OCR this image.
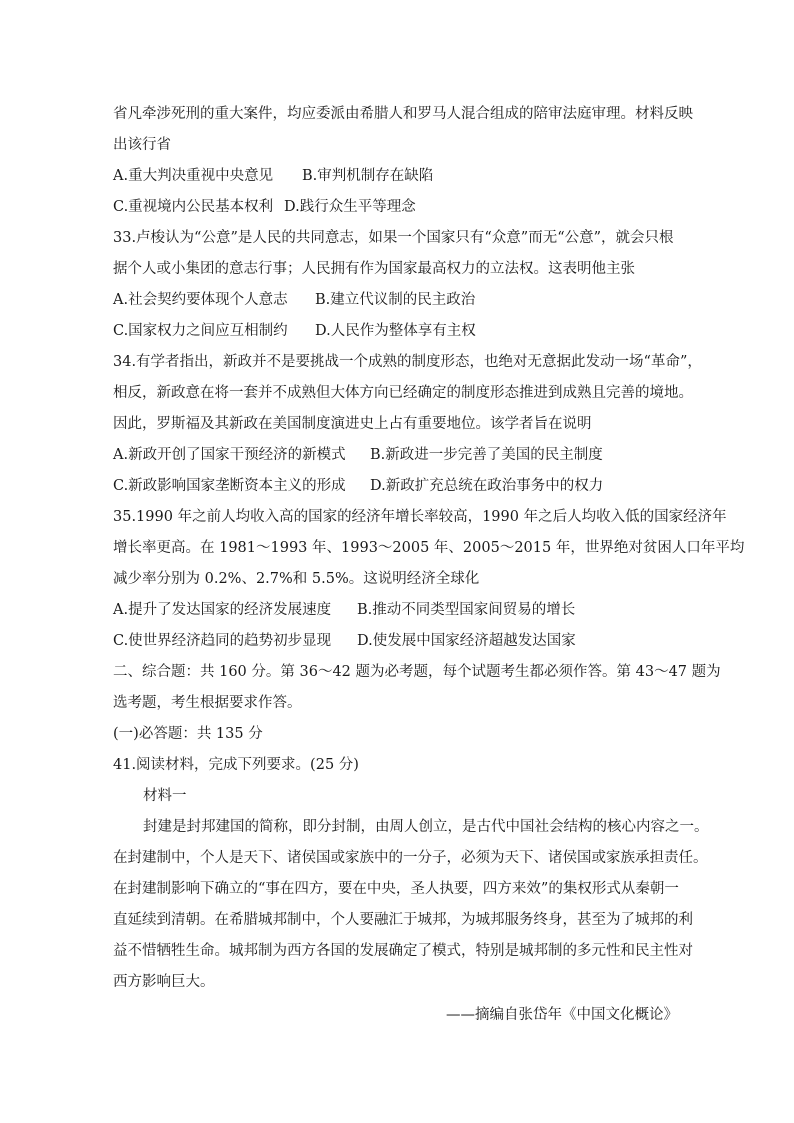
省凡牵涉死刑的重大案件，均应委派由希腊人和罗马人混合组成的陪审法庭审理。材料反映
出该行省
A.重大判决重视中央意见 B.审判机制存在缺陷
C.重视境内公民基本权利 D.践行众生平等理念
33.卢梭认为“公意”是人民的共同意志，如果一个国家只有“众意”而无“公意”，就会只根
据个人或小集团的意志行事；人民拥有作为国家最高权力的立法权。这表明他主张
A.社会契约要体现个人意志 B.建立代议制的民主政治
C.国家权力之间应互相制约 D.人民作为整体享有主权
34.有学者指出，新政并不是要挑战一个成熟的制度形态，也绝对无意据此发动一场“革命”，
相反，新政意在将一套并不成熟但大体方向已经确定的制度形态推进到成熟且完善的境地。
因此，罗斯福及其新政在美国制度演进史上占有重要地位。该学者旨在说明
A.新政开创了国家干预经济的新模式 B.新政进一步完善了美国的民主制度
C.新政影响国家垄断资本主义的形成 D.新政扩充总统在政治事务中的权力
35.1990 年之前人均收入高的国家的经济年增长率较高，1990 年之后人均收入低的国家经济年
增长率更高。在 1981～1993 年、1993～2005 年、2005～2015 年，世界绝对贫困人口年平均
减少率分别为 0.2%、2.7%和 5.5%。这说明经济全球化
A.提升了发达国家的经济发展速度 B.推动不同类型国家间贸易的增长
C.使世界经济趋同的趋势初步显现 D.使发展中国家经济超越发达国家
二、综合题：共 160 分。第 36～42 题为必考题，每个试题考生都必须作答。第 43～47 题为
选考题，考生根据要求作答。
(一)必答题：共 135 分
41.阅读材料，完成下列要求。(25 分)
材料一
封建是封邦建国的简称，即分封制，由周人创立，是古代中国社会结构的核心内容之一。
在封建制中，个人是天下、诸侯国或家族中的一分子，必须为天下、诸侯国或家族承担责任。
在封建制影响下确立的“事在四方，要在中央，圣人执要，四方来效”的集权形式从秦朝一
直延续到清朝。在希腊城邦制中，个人要融汇于城邦，为城邦服务终身，甚至为了城邦的利
益不惜牺牲生命。城邦制为西方各国的发展确定了模式，特别是城邦制的多元性和民主性对
西方影响巨大。
——摘编自张岱年《中国文化概论》
